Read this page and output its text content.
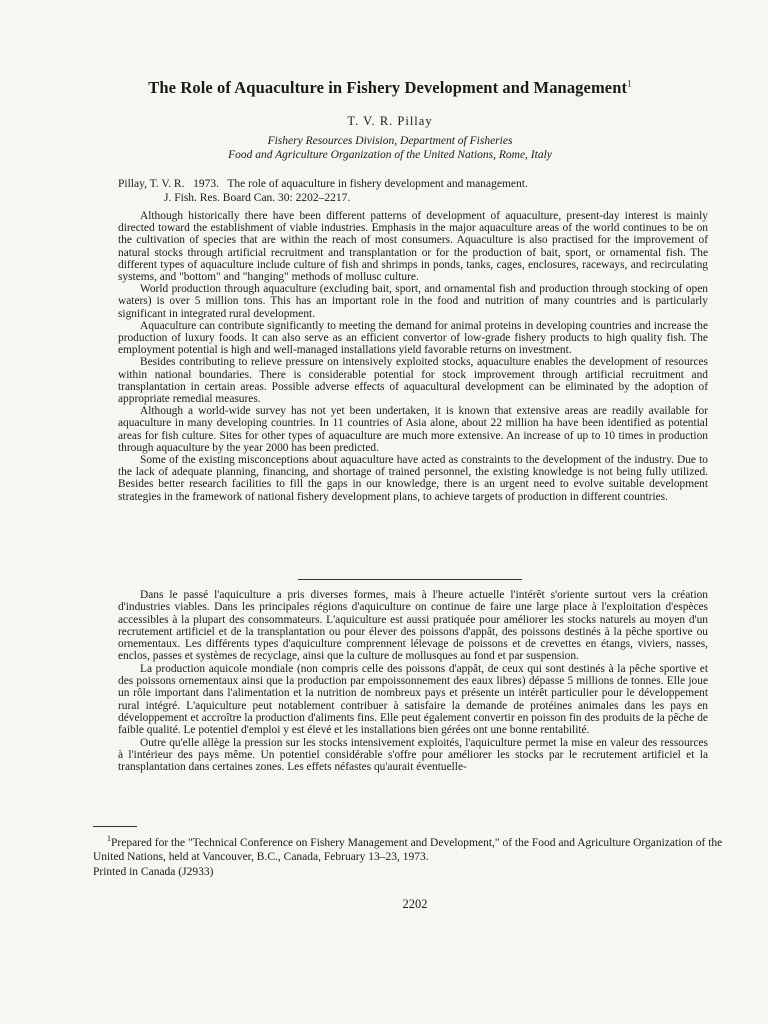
The Role of Aquaculture in Fishery Development and Management$^1$
T. V. R. Pillay
Fishery Resources Division, Department of Fisheries
Food and Agriculture Organization of the United Nations, Rome, Italy
Pillay, T. V. R.   1973.   The role of aquaculture in fishery development and management.
J. Fish. Res. Board Can. 30: 2202–2217.

Although historically there have been different patterns of development of aquaculture, present-day interest is mainly directed toward the establishment of viable industries. Emphasis in the major aquaculture areas of the world continues to be on the cultivation of species that are within the reach of most consumers. Aquaculture is also practised for the improvement of natural stocks through artificial recruitment and transplantation or for the production of bait, sport, or ornamental fish. The different types of aquaculture include culture of fish and shrimps in ponds, tanks, cages, enclosures, raceways, and recirculating systems, and "bottom" and "hanging" methods of mollusc culture.

World production through aquaculture (excluding bait, sport, and ornamental fish and production through stocking of open waters) is over 5 million tons. This has an important role in the food and nutrition of many countries and is particularly significant in integrated rural development.

Aquaculture can contribute significantly to meeting the demand for animal proteins in developing countries and increase the production of luxury foods. It can also serve as an efficient convertor of low-grade fishery products to high quality fish. The employment potential is high and well-managed installations yield favorable returns on investment.

Besides contributing to relieve pressure on intensively exploited stocks, aquaculture enables the development of resources within national boundaries. There is considerable potential for stock improvement through artificial recruitment and transplantation in certain areas. Possible adverse effects of aquacultural development can be eliminated by the adoption of appropriate remedial measures.

Although a world-wide survey has not yet been undertaken, it is known that extensive areas are readily available for aquaculture in many developing countries. In 11 countries of Asia alone, about 22 million ha have been identified as potential areas for fish culture. Sites for other types of aquaculture are much more extensive. An increase of up to 10 times in production through aquaculture by the year 2000 has been predicted.

Some of the existing misconceptions about aquaculture have acted as constraints to the development of the industry. Due to the lack of adequate planning, financing, and shortage of trained personnel, the existing knowledge is not being fully utilized. Besides better research facilities to fill the gaps in our knowledge, there is an urgent need to evolve suitable development strategies in the framework of national fishery development plans, to achieve targets of production in different countries.

Dans le passé l'aquiculture a pris diverses formes, mais à l'heure actuelle l'intérêt s'oriente surtout vers la création d'industries viables. Dans les principales régions d'aquiculture on continue de faire une large place à l'exploitation d'espèces accessibles à la plupart des consommateurs. L'aquiculture est aussi pratiquée pour améliorer les stocks naturels au moyen d'un recrutement artificiel et de la transplantation ou pour élever des poissons d'appât, des poissons destinés à la pêche sportive ou ornementaux. Les différents types d'aquiculture comprennent lélevage de poissons et de crevettes en étangs, viviers, nasses, enclos, passes et systèmes de recyclage, ainsi que la culture de mollusques au fond et par suspension.

La production aquicole mondiale (non compris celle des poissons d'appât, de ceux qui sont destinés à la pêche sportive et des poissons ornementaux ainsi que la production par empoissonnement des eaux libres) dépasse 5 millions de tonnes. Elle joue un rôle important dans l'alimentation et la nutrition de nombreux pays et présente un intérêt particulier pour le développement rural intégré. L'aquiculture peut notablement contribuer à satisfaire la demande de protéines animales dans les pays en développement et accroître la production d'aliments fins. Elle peut également convertir en poisson fin des produits de la pêche de faible qualité. Le potentiel d'emploi y est élevé et les installations bien gérées ont une bonne rentabilité.

Outre qu'elle allège la pression sur les stocks intensivement exploités, l'aquiculture permet la mise en valeur des ressources à l'intérieur des pays même. Un potentiel considérable s'offre pour améliorer les stocks par le recrutement artificiel et la transplantation dans certaines zones. Les effets néfastes qu'aurait éventuelle-

$^1$Prepared for the "Technical Conference on Fishery Management and Development," of the Food and Agriculture Organization of the United Nations, held at Vancouver, B.C., Canada, February 13–23, 1973.

Printed in Canada (J2933)
2202
